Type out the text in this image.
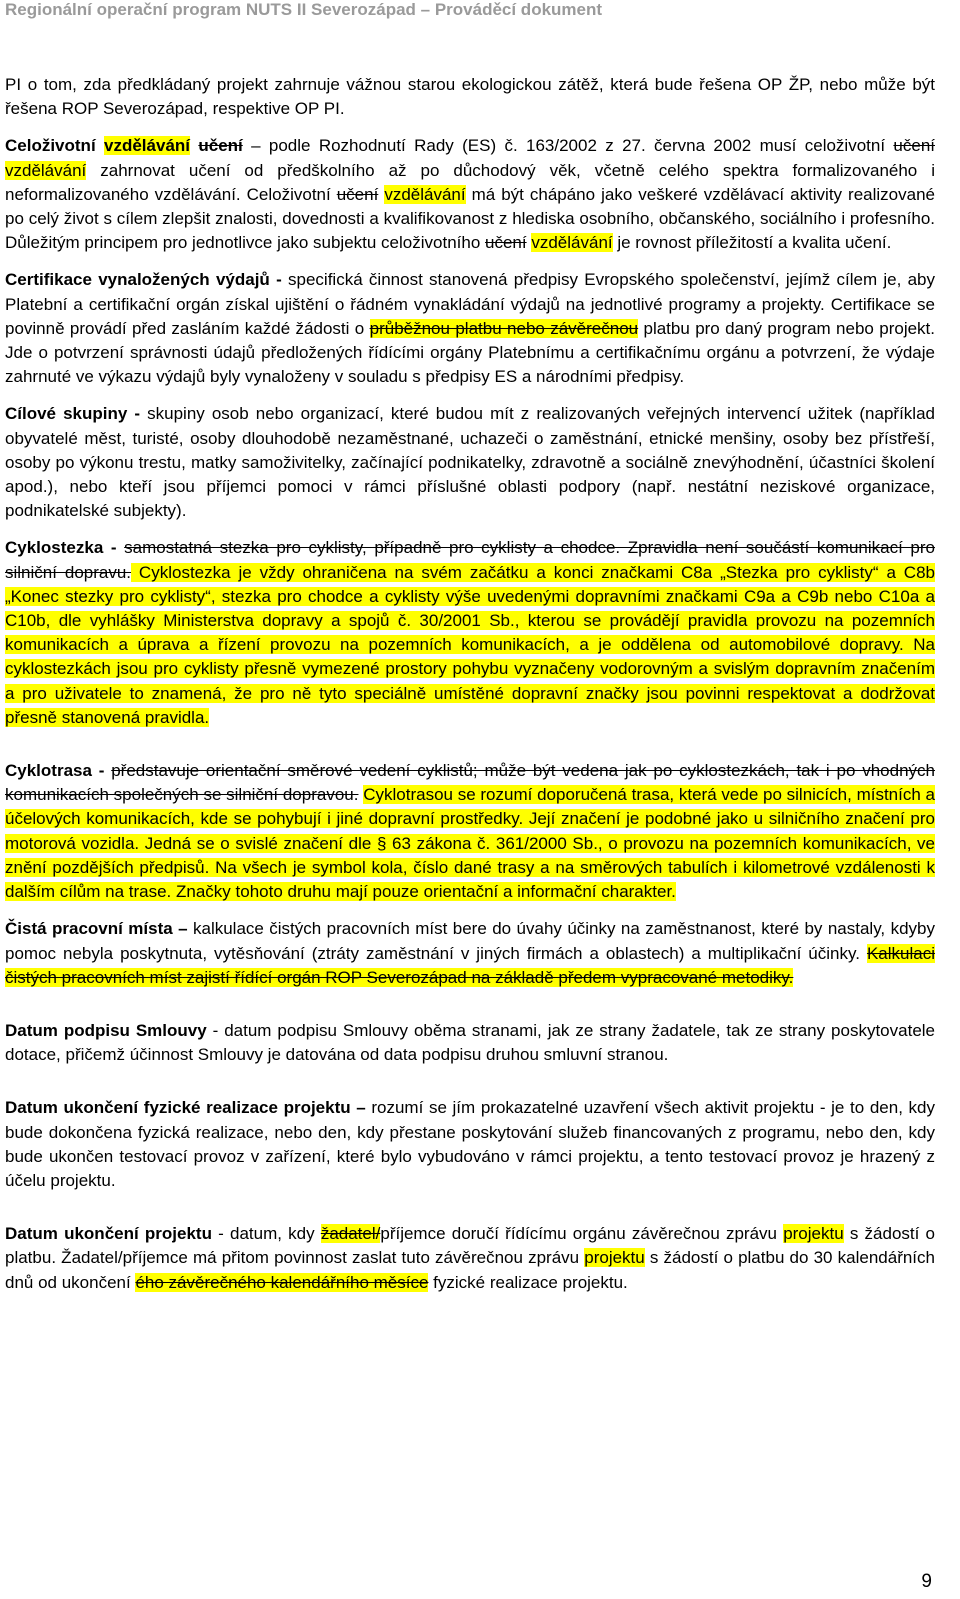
Regionální operační program NUTS II Severozápad – Prováděcí dokument

PI o tom, zda předkládaný projekt zahrnuje vážnou starou ekologickou zátěž, která bude řešena OP ŽP, nebo může být řešena ROP Severozápad, respektive OP PI.

Celoživotní vzdělávání učení – podle Rozhodnutí Rady (ES) č. 163/2002 z 27. června 2002 musí celoživotní učení vzdělávání zahrnovat učení od předškolního až po důchodový věk, včetně celého spektra formalizovaného i neformalizovaného vzdělávání. Celoživotní učení vzdělávání má být chápáno jako veškeré vzdělávací aktivity realizované po celý život s cílem zlepšit znalosti, dovednosti a kvalifikovanost z hlediska osobního, občanského, sociálního i profesního. Důležitým principem pro jednotlivce jako subjektu celoživotního učení vzdělávání je rovnost příležitostí a kvalita učení.

Certifikace vynaložených výdajů - specifická činnost stanovená předpisy Evropského společenství, jejímž cílem je, aby Platební a certifikační orgán získal ujištění o řádném vynakládání výdajů na jednotlivé programy a projekty. Certifikace se povinně provádí před zasláním každé žádosti o průběžnou platbu nebo závěrečnou platbu pro daný program nebo projekt. Jde o potvrzení správnosti údajů předložených řídícími orgány Platebnímu a certifikačnímu orgánu a potvrzení, že výdaje zahrnuté ve výkazu výdajů byly vynaloženy v souladu s předpisy ES a národními předpisy.

Cílové skupiny - skupiny osob nebo organizací, které budou mít z realizovaných veřejných intervencí užitek (například obyvatelé měst, turisté, osoby dlouhodobě nezaměstnané, uchazeči o zaměstnání, etnické menšiny, osoby bez přístřeší, osoby po výkonu trestu, matky samoživitelky, začínající podnikatelky, zdravotně a sociálně znevýhodnění, účastníci školení apod.), nebo kteří jsou příjemci pomoci v rámci příslušné oblasti podpory (např. nestátní neziskové organizace, podnikatelské subjekty).

Cyklostezka - samostatná stezka pro cyklisty, případně pro cyklisty a chodce. Zpravidla není součástí komunikací pro silniční dopravu. Cyklostezka je vždy ohraničena na svém začátku a konci značkami C8a „Stezka pro cyklisty“ a C8b „Konec stezky pro cyklisty“, stezka pro chodce a cyklisty výše uvedenými dopravními značkami C9a a C9b nebo C10a a C10b, dle vyhlášky Ministerstva dopravy a spojů č. 30/2001 Sb., kterou se provádějí pravidla provozu na pozemních komunikacích a úprava a řízení provozu na pozemních komunikacích, a je oddělena od automobilové dopravy. Na cyklostezkách jsou pro cyklisty přesně vymezené prostory pohybu vyznačeny vodorovným a svislým dopravním značením a pro uživatele to znamená, že pro ně tyto speciálně umístěné dopravní značky jsou povinni respektovat a dodržovat přesně stanovená pravidla.

Cyklotrasa - představuje orientační směrové vedení cyklistů; může být vedena jak po cyklostezkách, tak i po vhodných komunikacích společných se silniční dopravou. Cyklotrasou se rozumí doporučená trasa, která vede po silnicích, místních a účelových komunikacích, kde se pohybují i jiné dopravní prostředky. Její značení je podobné jako u silničního značení pro motorová vozidla. Jedná se o svislé značení dle § 63 zákona č. 361/2000 Sb., o provozu na pozemních komunikacích, ve znění pozdějších předpisů. Na všech je symbol kola, číslo dané trasy a na směrových tabulích i kilometrové vzdálenosti k dalším cílům na trase. Značky tohoto druhu mají pouze orientační a informační charakter.

Čistá pracovní místa – kalkulace čistých pracovních míst bere do úvahy účinky na zaměstnanost, které by nastaly, kdyby pomoc nebyla poskytnuta, vytěsňování (ztráty zaměstnání v jiných firmách a oblastech) a multiplikační účinky. Kalkulaci čistých pracovních míst zajistí řídící orgán ROP Severozápad na základě předem vypracované metodiky.

Datum podpisu Smlouvy - datum podpisu Smlouvy oběma stranami, jak ze strany žadatele, tak ze strany poskytovatele dotace, přičemž účinnost Smlouvy je datována od data podpisu druhou smluvní stranou.

Datum ukončení fyzické realizace projektu – rozumí se jím prokazatelné uzavření všech aktivit projektu - je to den, kdy bude dokončena fyzická realizace, nebo den, kdy přestane poskytování služeb financovaných z programu, nebo den, kdy bude ukončen testovací provoz v zařízení, které bylo vybudováno v rámci projektu, a tento testovací provoz je hrazený z účelu projektu.

Datum ukončení projektu - datum, kdy žadatel/příjemce doručí řídícímu orgánu závěrečnou zprávu projektu s žádostí o platbu. Žadatel/příjemce má přitom povinnost zaslat tuto závěrečnou zprávu projektu s žádostí o platbu do 30 kalendářních dnů od ukončení ého závěrečného kalendářního měsíce fyzické realizace projektu.

9
